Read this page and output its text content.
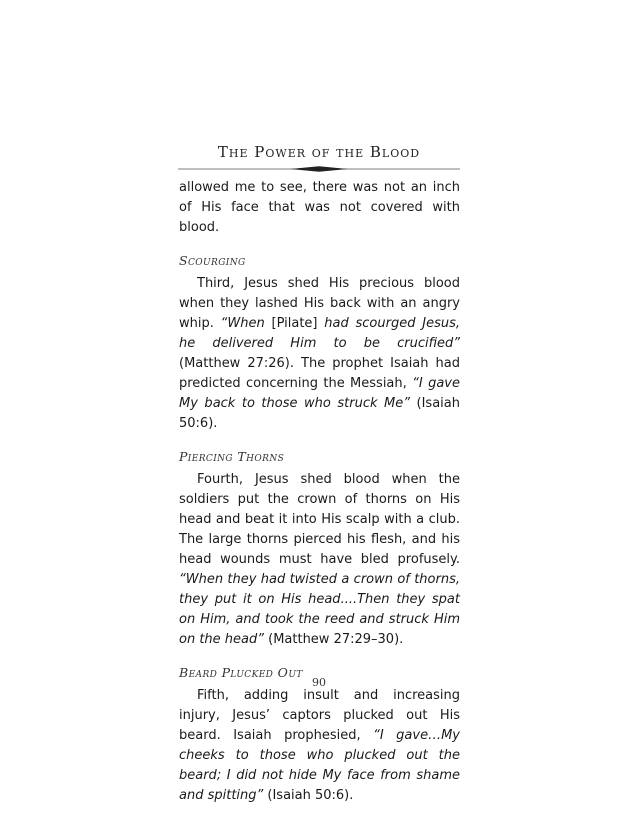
The Power of the Blood

allowed me to see, there was not an inch of His face that was not covered with blood.

Scourging

Third, Jesus shed His precious blood when they lashed His back with an angry whip. “When [Pilate] had scourged Jesus, he delivered Him to be crucified” (Matthew 27:26). The prophet Isaiah had predicted concerning the Messiah, “I gave My back to those who struck Me” (Isaiah 50:6).

Piercing Thorns

Fourth, Jesus shed blood when the soldiers put the crown of thorns on His head and beat it into His scalp with a club. The large thorns pierced his flesh, and his head wounds must have bled profusely. “When they had twisted a crown of thorns, they put it on His head....Then they spat on Him, and took the reed and struck Him on the head” (Matthew 27:29–30).

Beard Plucked Out

Fifth, adding insult and increasing injury, Jesus’ captors plucked out His beard. Isaiah prophesied, “I gave…My cheeks to those who plucked out the beard; I did not hide My face from shame and spitting” (Isaiah 50:6).

90
